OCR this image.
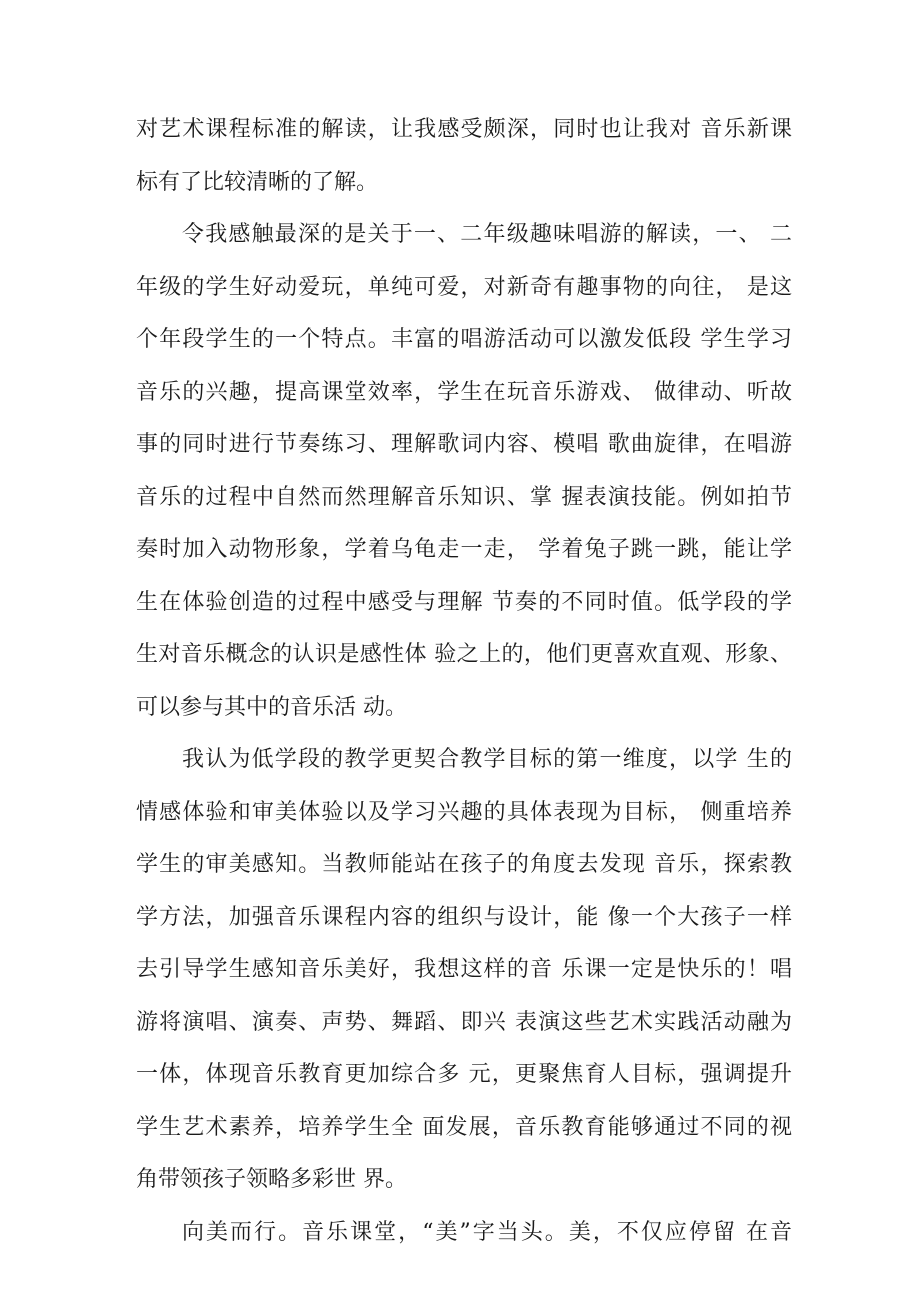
对艺术课程标准的解读，让我感受颇深，同时也让我对 音乐新课
标有了比较清晰的了解。
令我感触最深的是关于一、二年级趣味唱游的解读，一、 二
年级的学生好动爱玩，单纯可爱，对新奇有趣事物的向往， 是这
个年段学生的一个特点。丰富的唱游活动可以激发低段 学生学习
音乐的兴趣，提高课堂效率，学生在玩音乐游戏、 做律动、听故
事的同时进行节奏练习、理解歌词内容、模唱 歌曲旋律，在唱游
音乐的过程中自然而然理解音乐知识、掌 握表演技能。例如拍节
奏时加入动物形象，学着乌龟走一走， 学着兔子跳一跳，能让学
生在体验创造的过程中感受与理解 节奏的不同时值。低学段的学
生对音乐概念的认识是感性体 验之上的，他们更喜欢直观、形象、
可以参与其中的音乐活 动。
我认为低学段的教学更契合教学目标的第一维度，以学 生的
情感体验和审美体验以及学习兴趣的具体表现为目标， 侧重培养
学生的审美感知。当教师能站在孩子的角度去发现 音乐，探索教
学方法，加强音乐课程内容的组织与设计，能 像一个大孩子一样
去引导学生感知音乐美好，我想这样的音 乐课一定是快乐的！唱
游将演唱、演奏、声势、舞蹈、即兴 表演这些艺术实践活动融为
一体，体现音乐教育更加综合多 元，更聚焦育人目标，强调提升
学生艺术素养，培养学生全 面发展，音乐教育能够通过不同的视
角带领孩子领略多彩世 界。
向美而行。音乐课堂，“美”字当头。美，不仅应停留 在音
